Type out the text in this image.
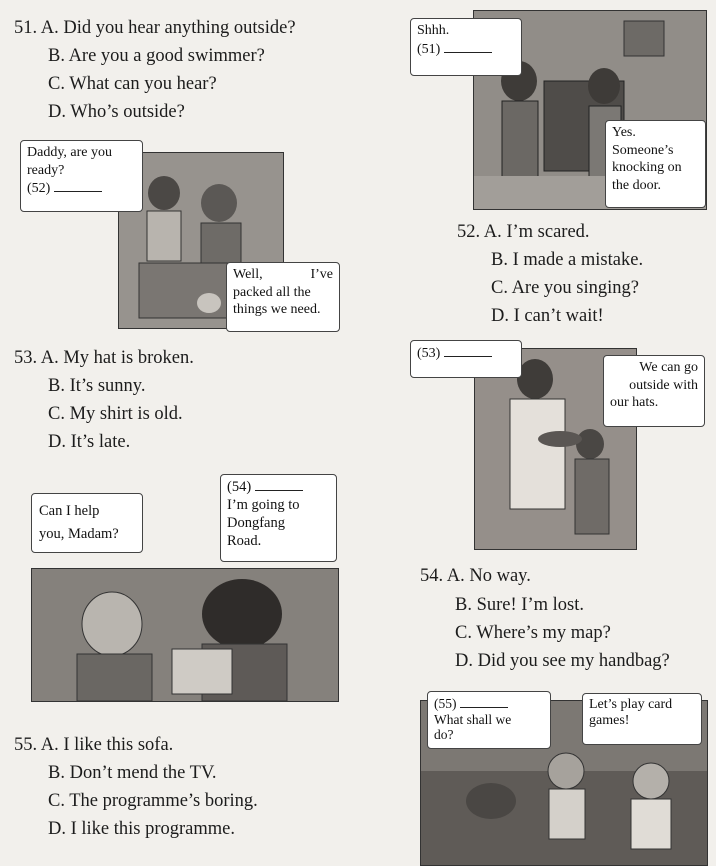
51. A. Did you hear anything outside?
B. Are you a good swimmer?
C. What can you hear?
D. Who’s outside?
Shhh.
(51)
Yes.
Someone’s
knocking on
the door.
Daddy, are you
ready?
(52)
Well,	I’ve
packed all the
things we need.
52. A. I’m scared.
B. I made a mistake.
C. Are you singing?
D. I can’t wait!
53. A. My hat is broken.
B. It’s sunny.
C. My shirt is old.
D. It’s late.
(53)
We can go
outside with
our hats.
Can I help
you, Madam?
(54)
I’m going to
Dongfang
Road.
54. A. No way.
B. Sure! I’m lost.
C. Where’s my map?
D. Did you see my handbag?
55. A. I like this sofa.
B. Don’t mend the TV.
C. The programme’s boring.
D. I like this programme.
(55)
What shall we
do?
Let’s play card
games!
